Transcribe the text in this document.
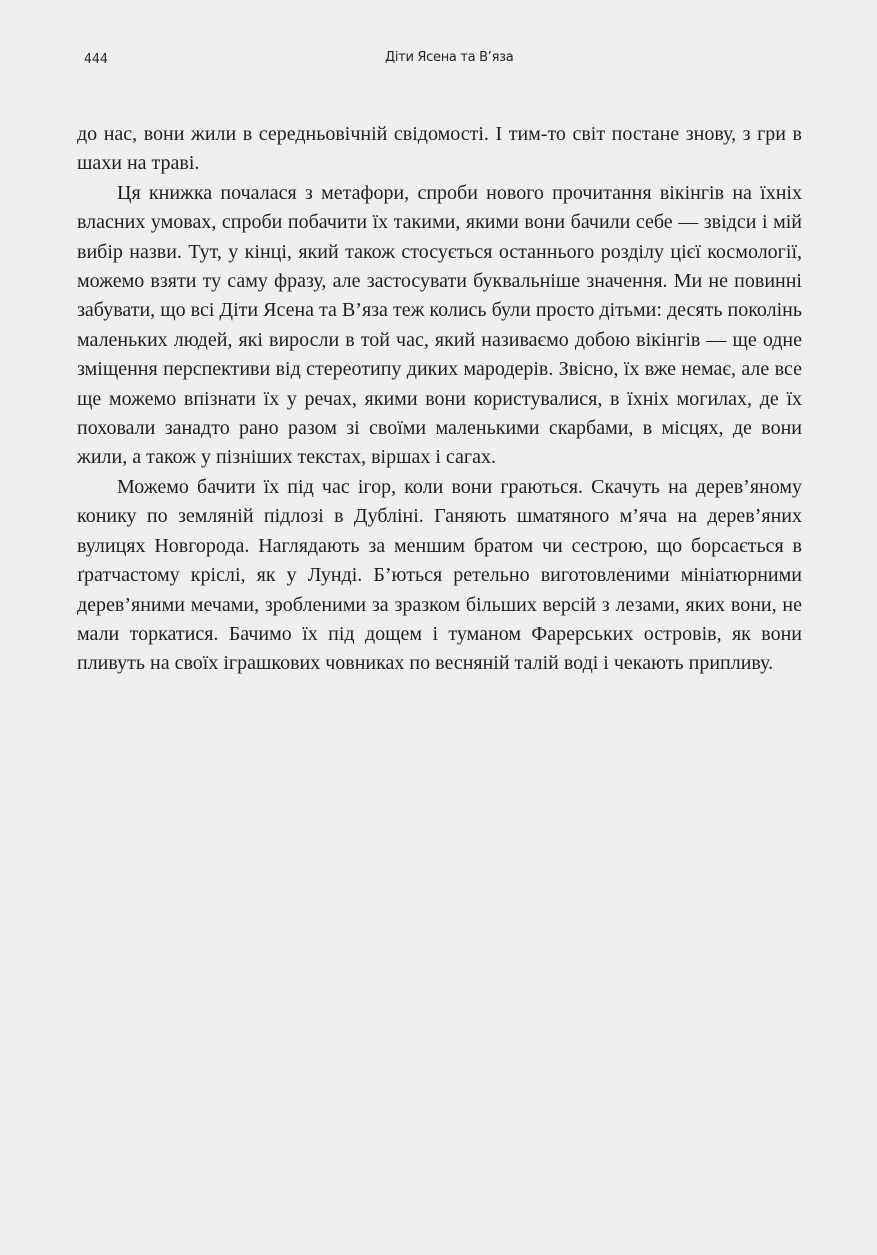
444	Діти Ясена та В’яза

до нас, вони жили в середньовічній свідомості. І тим-то світ постане знову, з гри в шахи на траві.

Ця книжка почалася з метафори, спроби нового прочитання вікінгів на їхніх власних умовах, спроби побачити їх такими, якими вони бачили себе — звідси і мій вибір назви. Тут, у кінці, який також стосується останнього розділу цієї космології, можемо взяти ту саму фразу, але застосувати буквальніше значення. Ми не повинні забувати, що всі Діти Ясена та В’яза теж колись були просто дітьми: десять поколінь маленьких людей, які виросли в той час, який називаємо добою вікінгів — ще одне зміщення перспективи від стереотипу диких мародерів. Звісно, їх вже немає, але все ще можемо впізнати їх у речах, якими вони користувалися, в їхніх могилах, де їх поховали занадто рано разом зі своїми маленькими скарбами, в місцях, де вони жили, а також у пізніших текстах, віршах і сагах.

Можемо бачити їх під час ігор, коли вони граються. Скачуть на дерев’яному конику по земляній підлозі в Дубліні. Ганяють шматяного м’яча на дерев’яних вулицях Новгорода. Наглядають за меншим братом чи сестрою, що борсається в ґратчастому кріслі, як у Лунді. Б’ються ретельно виготовленими мініатюрними дерев’яними мечами, зробленими за зразком більших версій з лезами, яких вони, не мали торкатися. Бачимо їх під дощем і туманом Фарерських островів, як вони пливуть на своїх іграшкових човниках по весняній талій воді і чекають припливу.
